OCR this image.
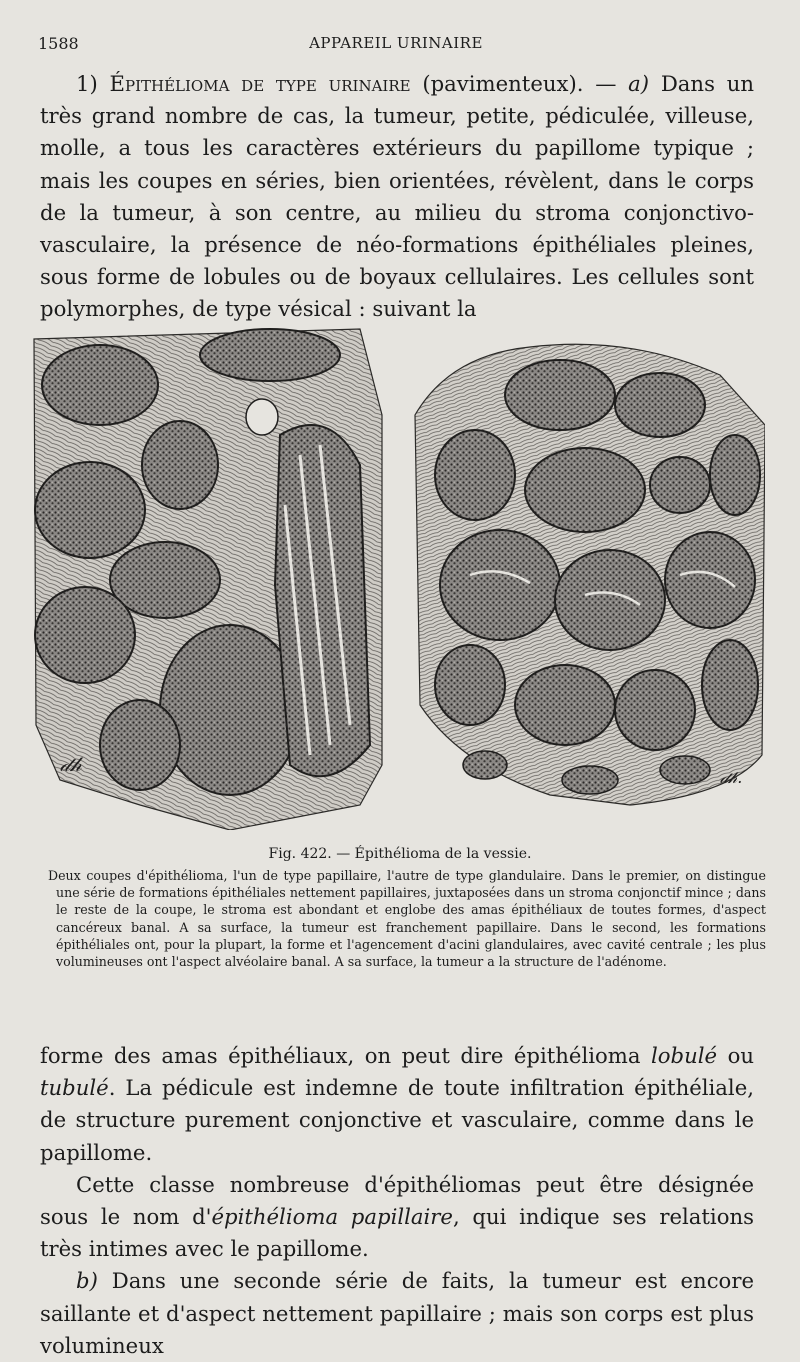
1588	APPAREIL URINAIRE

1) Épithélioma de type urinaire (pavimenteux). — a) Dans un très grand nombre de cas, la tumeur, petite, pédiculée, villeuse, molle, a tous les caractères extérieurs du papillome typique ; mais les coupes en séries, bien orientées, révèlent, dans le corps de la tumeur, à son centre, au milieu du stroma conjonctivo-vasculaire, la présence de néo-formations épithéliales pleines, sous forme de lobules ou de boyaux cellulaires. Les cellules sont polymorphes, de type vésical : suivant la

𝒹𝒽
𝒹𝒽.
Fig. 422. — Épithélioma de la vessie.
Deux coupes d'épithélioma, l'un de type papillaire, l'autre de type glandulaire. Dans le premier, on distingue une série de formations épithéliales nettement papillaires, juxtaposées dans un stroma conjonctif mince ; dans le reste de la coupe, le stroma est abondant et englobe des amas épithéliaux de toutes formes, d'aspect cancéreux banal. A sa surface, la tumeur est franchement papillaire. Dans le second, les formations épithéliales ont, pour la plupart, la forme et l'agencement d'acini glandulaires, avec cavité centrale ; les plus volumineuses ont l'aspect alvéolaire banal. A sa surface, la tumeur a la structure de l'adénome.

forme des amas épithéliaux, on peut dire épithélioma lobulé ou tubulé. La pédicule est indemne de toute infiltration épithéliale, de structure purement conjonctive et vasculaire, comme dans le papillome.

Cette classe nombreuse d'épithéliomas peut être désignée sous le nom d'épithélioma papillaire, qui indique ses relations très intimes avec le papillome.

b) Dans une seconde série de faits, la tumeur est encore saillante et d'aspect nettement papillaire ; mais son corps est plus volumineux
